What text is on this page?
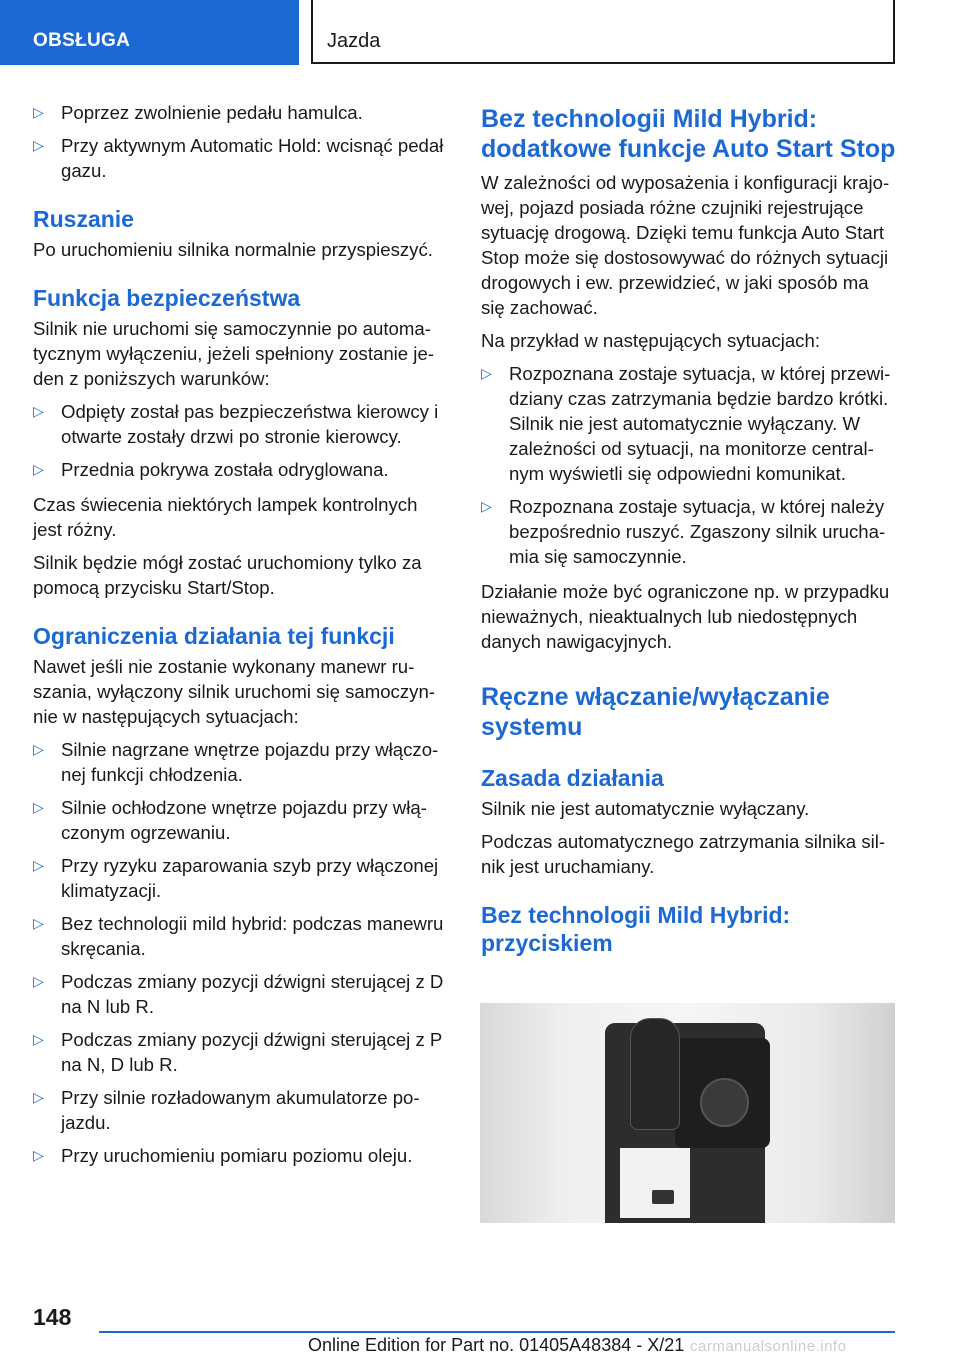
OBSŁUGA	Jazda
▷ Poprzez zwolnienie pedału hamulca.
▷ Przy aktywnym Automatic Hold: wcisnąć pedał gazu.
Ruszanie

Po uruchomieniu silnika normalnie przyspieszyć.

Funkcja bezpieczeństwa

Silnik nie uruchomi się samoczynnie po automatycznym wyłączeniu, jeżeli spełniony zostanie jeden z poniższych warunków:

▷ Odpięty został pas bezpieczeństwa kierowcy i otwarte zostały drzwi po stronie kierowcy.
▷ Przednia pokrywa została odryglowana.

Czas świecenia niektórych lampek kontrolnych jest różny.

Silnik będzie mógł zostać uruchomiony tylko za pomocą przycisku Start/Stop.

Ograniczenia działania tej funkcji

Nawet jeśli nie zostanie wykonany manewr ruszania, wyłączony silnik uruchomi się samoczynnie w następujących sytuacjach:

▷ Silnie nagrzane wnętrze pojazdu przy włączonej funkcji chłodzenia.
▷ Silnie ochłodzone wnętrze pojazdu przy włączonym ogrzewaniu.
▷ Przy ryzyku zaparowania szyb przy włączonej klimatyzacji.
▷ Bez technologii mild hybrid: podczas manewru skręcania.
▷ Podczas zmiany pozycji dźwigni sterującej z D na N lub R.
▷ Podczas zmiany pozycji dźwigni sterującej z P na N, D lub R.
▷ Przy silnie rozładowanym akumulatorze pojazdu.
▷ Przy uruchomieniu pomiaru poziomu oleju.
Bez technologii Mild Hybrid: dodatkowe funkcje Auto Start Stop

W zależności od wyposażenia i konfiguracji krajowej, pojazd posiada różne czujniki rejestrujące sytuację drogową. Dzięki temu funkcja Auto Start Stop może się dostosowywać do różnych sytuacji drogowych i ew. przewidzieć, w jaki sposób ma się zachować.

Na przykład w następujących sytuacjach:

▷ Rozpoznana zostaje sytuacja, w której przewidziany czas zatrzymania będzie bardzo krótki. Silnik nie jest automatycznie wyłączany. W zależności od sytuacji, na monitorze centralnym wyświetli się odpowiedni komunikat.
▷ Rozpoznana zostaje sytuacja, w której należy bezpośrednio ruszyć. Zgaszony silnik uruchamia się samoczynnie.

Działanie może być ograniczone np. w przypadku nieważnych, nieaktualnych lub niedostępnych danych nawigacyjnych.

Ręczne włączanie/wyłączanie systemu
Zasada działania

Silnik nie jest automatycznie wyłączany.

Podczas automatycznego zatrzymania silnika silnik jest uruchamiany.

Bez technologii Mild Hybrid: przyciskiem
148
Online Edition for Part no. 01405A48384 - X/21 carmanualsonline.info
